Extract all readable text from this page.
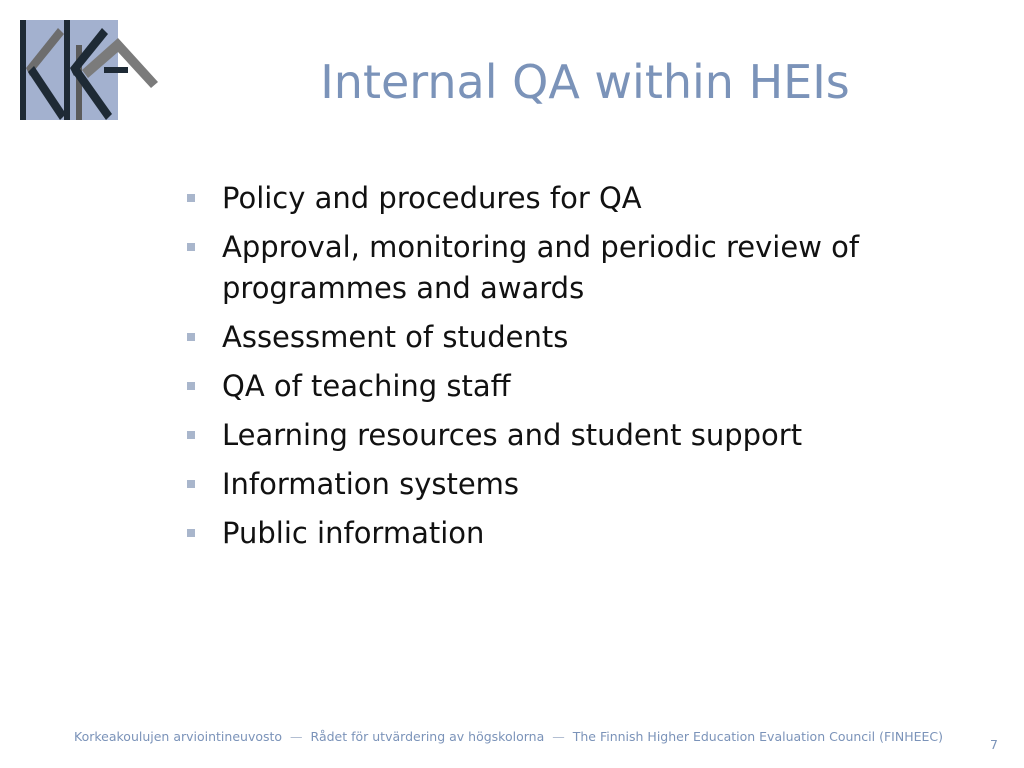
Internal QA within HEIs
Policy and procedures for QA
Approval, monitoring and periodic review of programmes and awards
Assessment of students
QA of teaching staff
Learning resources and student support
Information systems
Public information
Korkeakoulujen arviointineuvosto — Rådet för utvärdering av högskolorna — The Finnish Higher Education Evaluation Council (FINHEEC)
7
